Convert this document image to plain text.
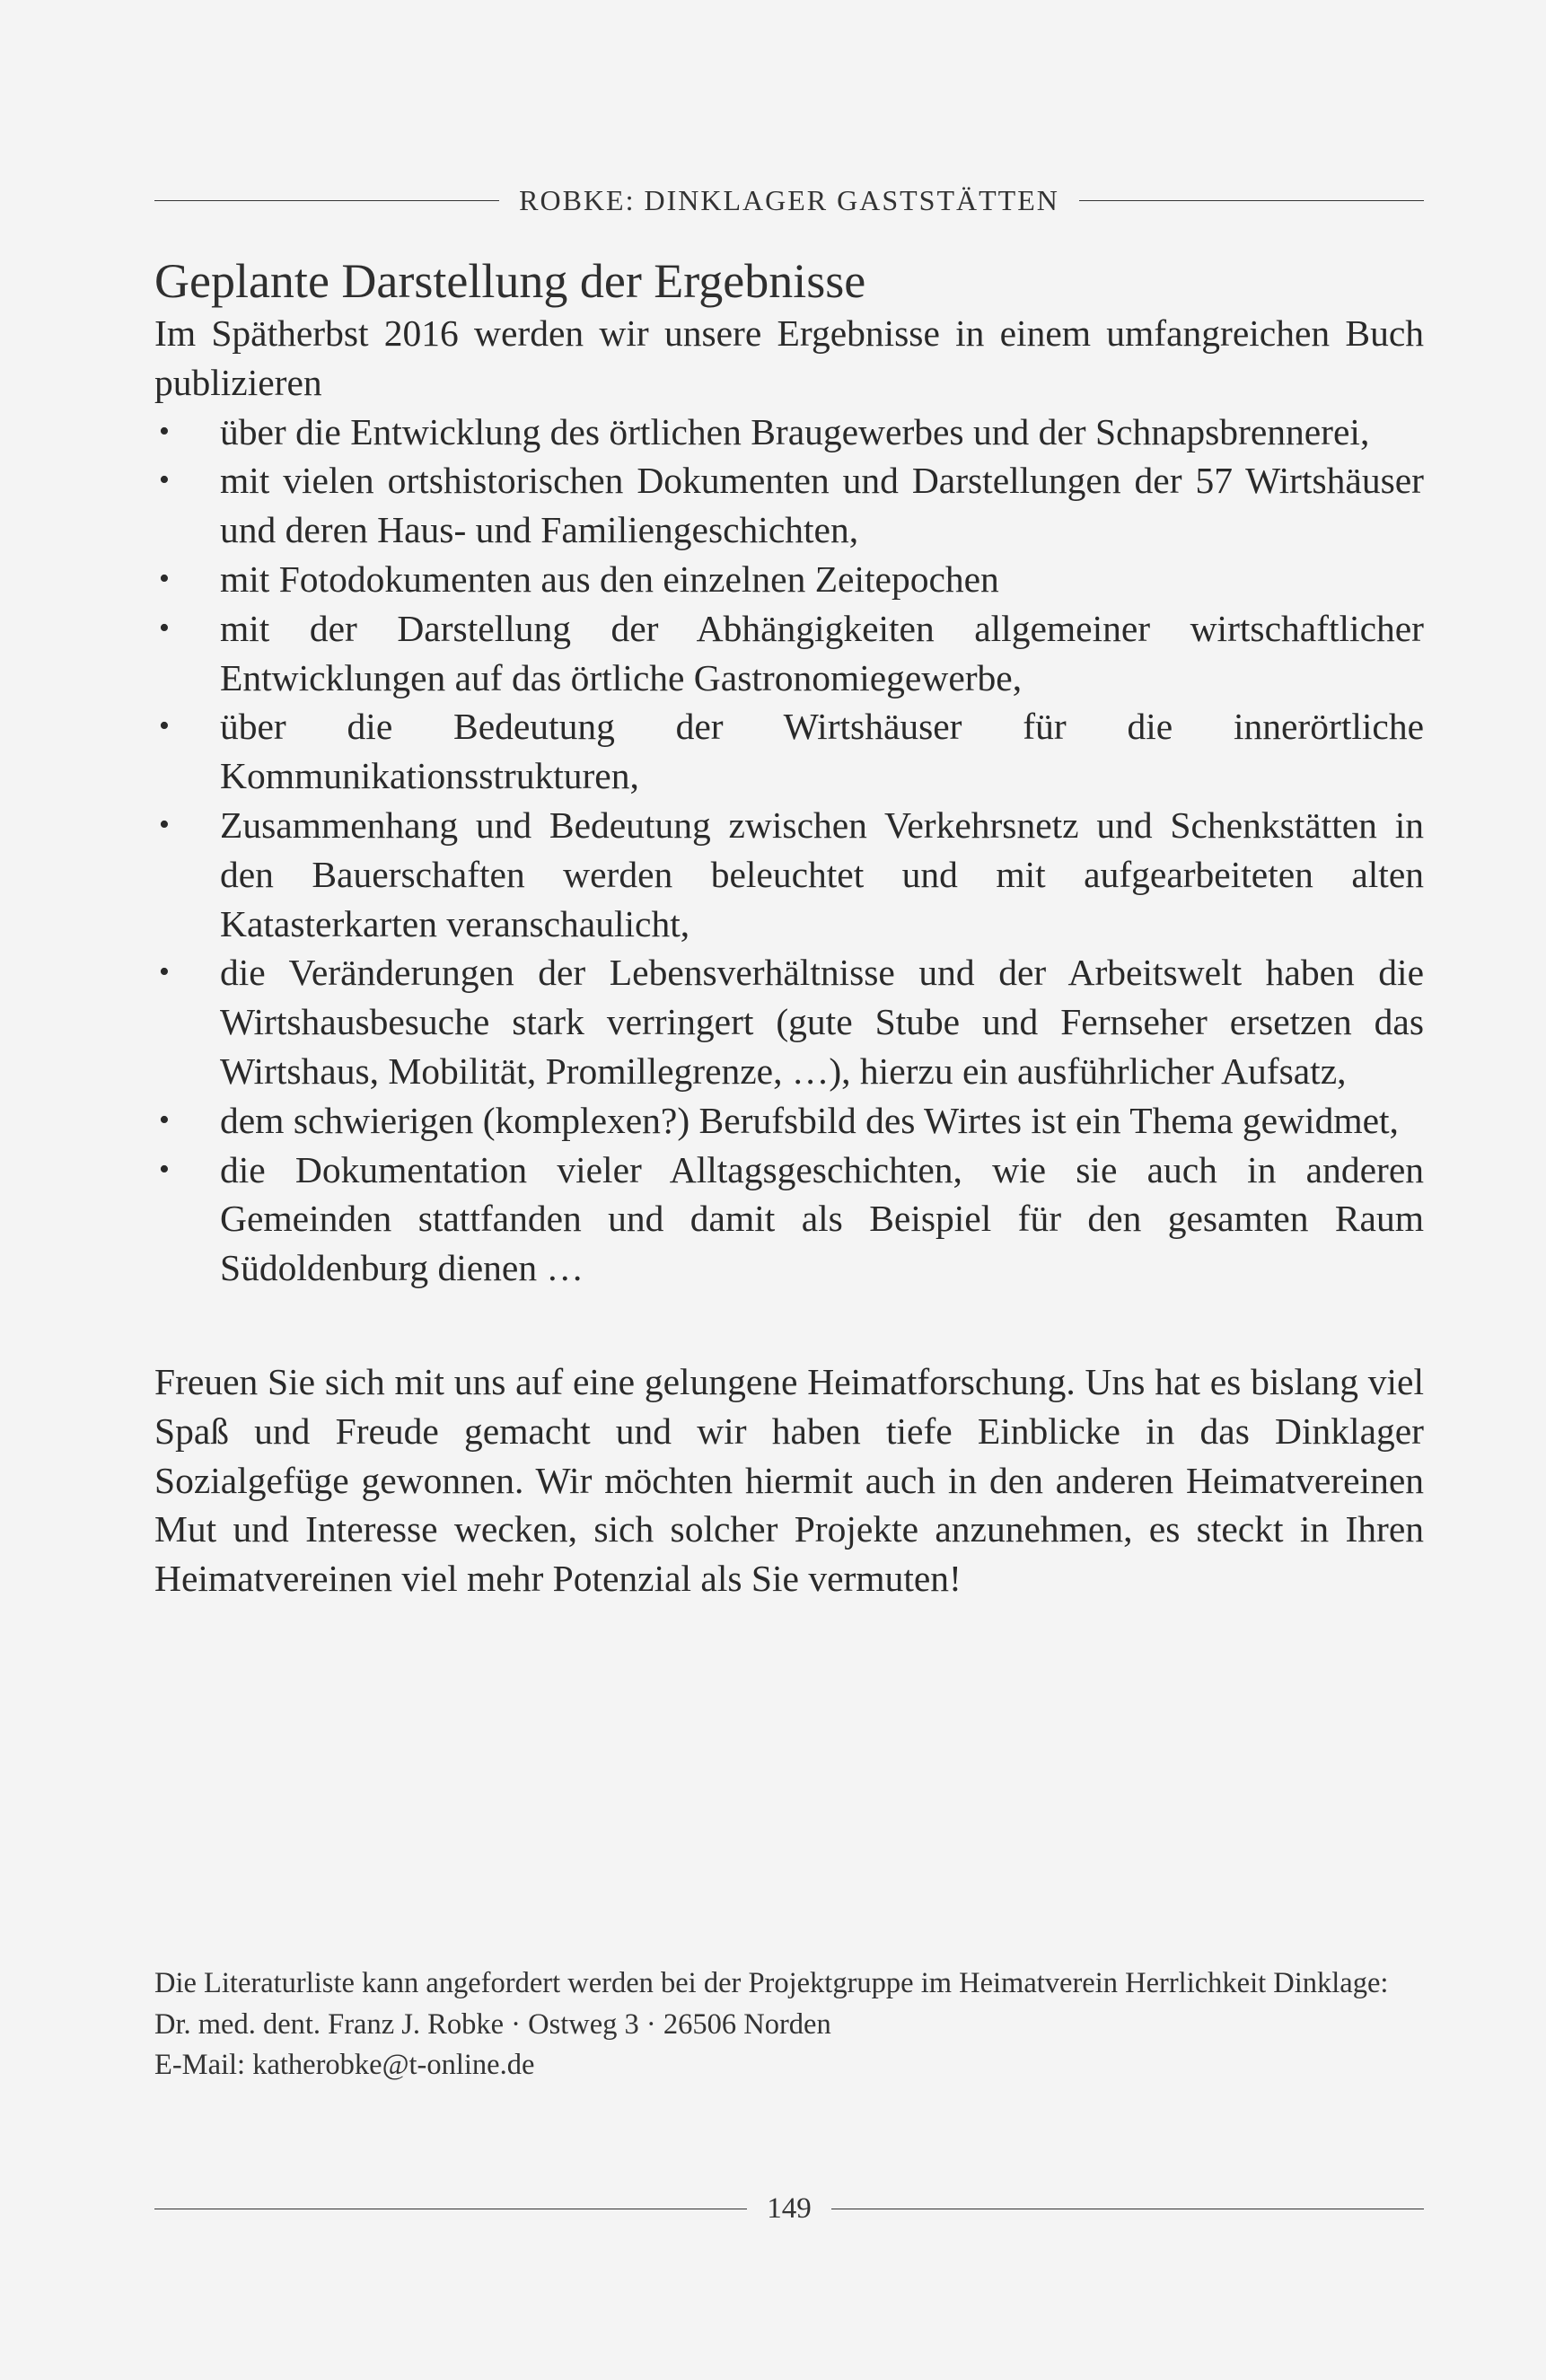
ROBKE: DINKLAGER GASTSTÄTTEN
Geplante Darstellung der Ergebnisse

Im Spätherbst 2016 werden wir unsere Ergebnisse in einem umfangreichen Buch publizieren

• über die Entwicklung des örtlichen Braugewerbes und der Schnapsbrennerei,
• mit vielen ortshistorischen Dokumenten und Darstellungen der 57 Wirtshäuser und deren Haus- und Familiengeschichten,
• mit Fotodokumenten aus den einzelnen Zeitepochen
• mit der Darstellung der Abhängigkeiten allgemeiner wirtschaftlicher Entwicklungen auf das örtliche Gastronomiegewerbe,
• über die Bedeutung der Wirtshäuser für die innerörtliche Kommunikationsstrukturen,
• Zusammenhang und Bedeutung zwischen Verkehrsnetz und Schenkstätten in den Bauerschaften werden beleuchtet und mit aufgearbeiteten alten Katasterkarten veranschaulicht,
• die Veränderungen der Lebensverhältnisse und der Arbeitswelt haben die Wirtshausbesuche stark verringert (gute Stube und Fernseher ersetzen das Wirtshaus, Mobilität, Promillegrenze, …), hierzu ein ausführlicher Aufsatz,
• dem schwierigen (komplexen?) Berufsbild des Wirtes ist ein Thema gewidmet,
• die Dokumentation vieler Alltagsgeschichten, wie sie auch in anderen Gemeinden stattfanden und damit als Beispiel für den gesamten Raum Südoldenburg dienen …

Freuen Sie sich mit uns auf eine gelungene Heimatforschung. Uns hat es bislang viel Spaß und Freude gemacht und wir haben tiefe Einblicke in das Dinklager Sozialgefüge gewonnen. Wir möchten hiermit auch in den anderen Heimatvereinen Mut und Interesse wecken, sich solcher Projekte anzunehmen, es steckt in Ihren Heimatvereinen viel mehr Potenzial als Sie vermuten!

Die Literaturliste kann angefordert werden bei der Projektgruppe im Heimatverein Herrlichkeit Dinklage:

Dr. med. dent. Franz J. Robke · Ostweg 3 · 26506 Norden

E-Mail: katherobke@t-online.de

149
